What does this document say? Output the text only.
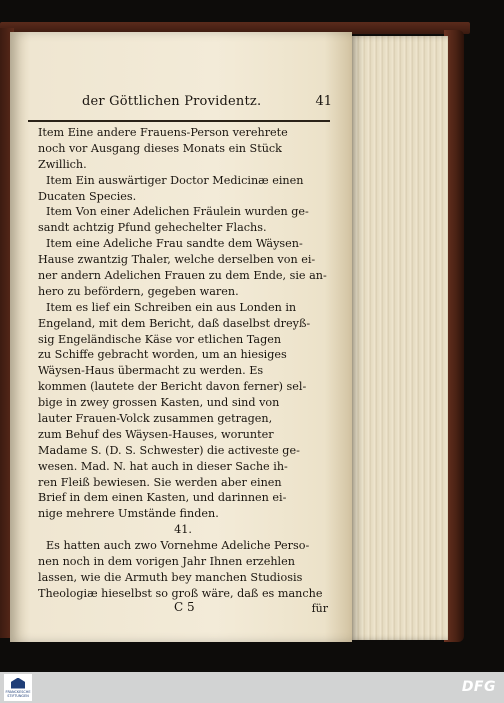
der Göttlichen Providentz.	41
Item Eine andere Frauens-Person verehrete
noch vor Ausgang dieses Monats ein Stück
Zwillich.
Item Ein auswärtiger Doctor Medicinæ einen
Ducaten Species.
Item Von einer Adelichen Fräulein wurden ge-
sandt achtzig Pfund gehechelter Flachs.
Item eine Adeliche Frau sandte dem Wäysen-
Hause zwantzig Thaler, welche derselben von ei-
ner andern Adelichen Frauen zu dem Ende, sie an-
hero zu befördern, gegeben waren.
Item es lief ein Schreiben ein aus Londen in
Engeland, mit dem Bericht, daß daselbst dreyß-
sig Engeländische Käse vor etlichen Tagen
zu Schiffe gebracht worden, um an hiesiges
Wäysen-Haus übermacht zu werden. Es
kommen (lautete der Bericht davon ferner) sel-
bige in zwey grossen Kasten, und sind von
lauter Frauen-Volck zusammen getragen,
zum Behuf des Wäysen-Hauses, worunter
Madame S. (D. S. Schwester) die activeste ge-
wesen. Mad. N. hat auch in dieser Sache ih-
ren Fleiß bewiesen. Sie werden aber einen
Brief in dem einen Kasten, und darinnen ei-
nige mehrere Umstände finden.
41.
Es hatten auch zwo Vornehme Adeliche Perso-
nen noch in dem vorigen Jahr Ihnen erzehlen
lassen, wie die Armuth bey manchen Studiosis
Theologiæ hieselbst so groß wäre, daß es manche
C 5	für
FRANCKESCHE STIFTUNGEN
DFG
